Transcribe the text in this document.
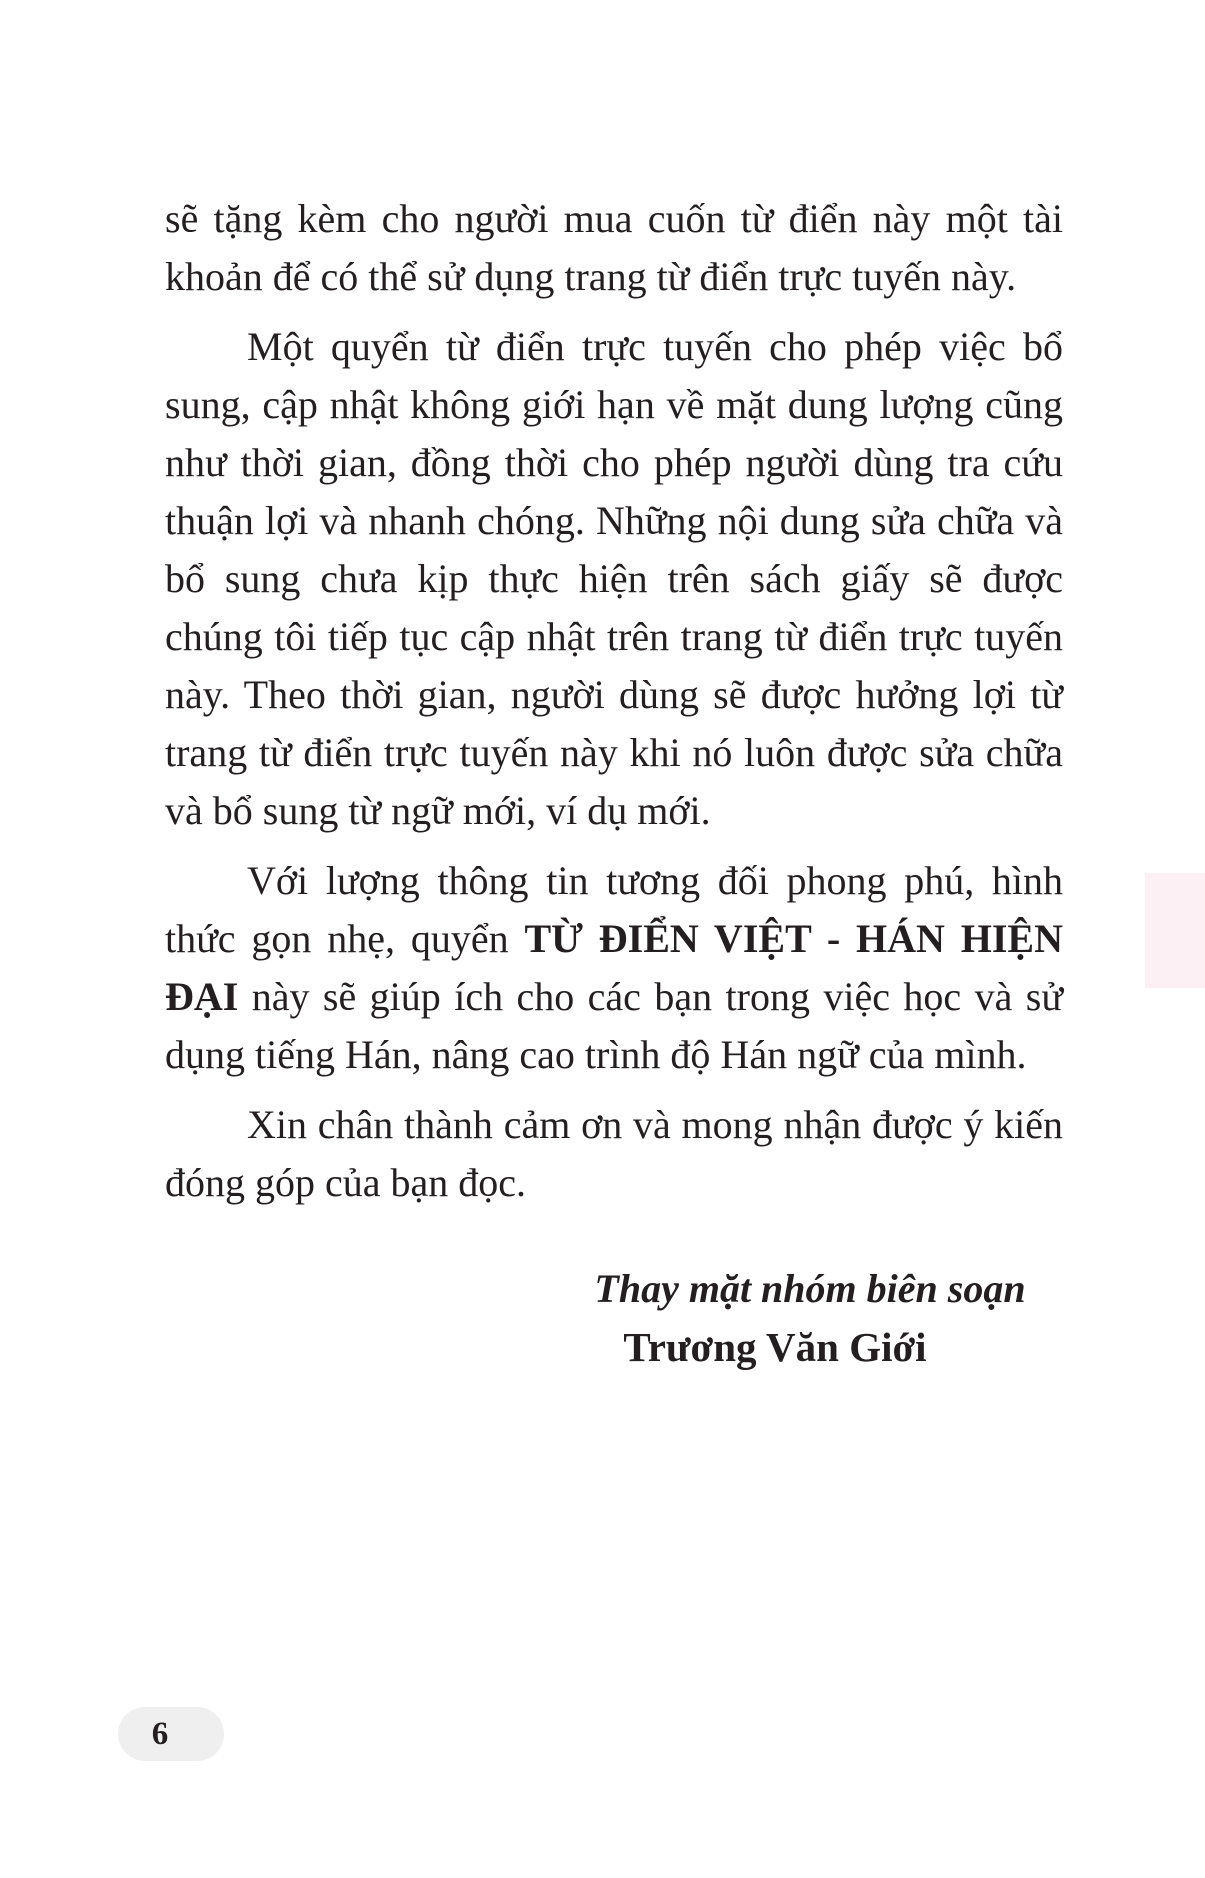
sẽ tặng kèm cho người mua cuốn từ điển này một tài khoản để có thể sử dụng trang từ điển trực tuyến này.

Một quyển từ điển trực tuyến cho phép việc bổ sung, cập nhật không giới hạn về mặt dung lượng cũng như thời gian, đồng thời cho phép người dùng tra cứu thuận lợi và nhanh chóng. Những nội dung sửa chữa và bổ sung chưa kịp thực hiện trên sách giấy sẽ được chúng tôi tiếp tục cập nhật trên trang từ điển trực tuyến này. Theo thời gian, người dùng sẽ được hưởng lợi từ trang từ điển trực tuyến này khi nó luôn được sửa chữa và bổ sung từ ngữ mới, ví dụ mới.

Với lượng thông tin tương đối phong phú, hình thức gọn nhẹ, quyển TỪ ĐIỂN VIỆT - HÁN HIỆN ĐẠI này sẽ giúp ích cho các bạn trong việc học và sử dụng tiếng Hán, nâng cao trình độ Hán ngữ của mình.

Xin chân thành cảm ơn và mong nhận được ý kiến đóng góp của bạn đọc.

Thay mặt nhóm biên soạn

Trương Văn Giới

6
